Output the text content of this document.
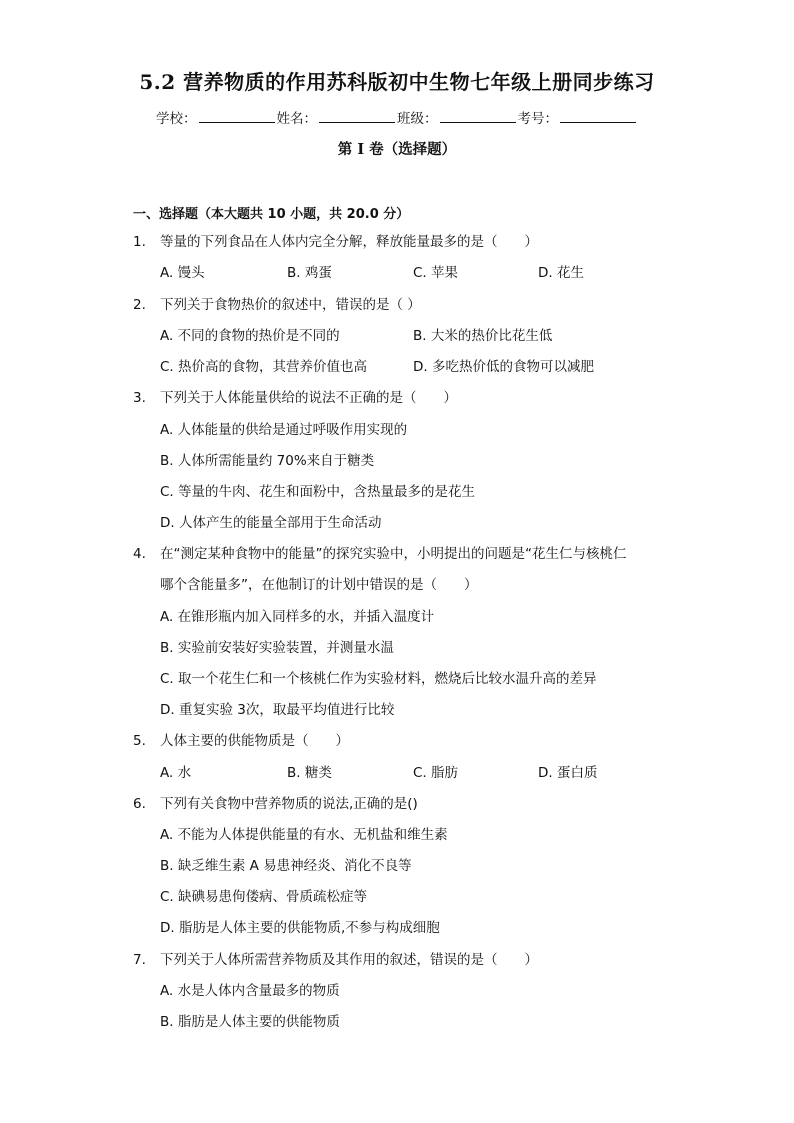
5.2 营养物质的作用苏科版初中生物七年级上册同步练习
学校：	姓名：	班级：	考号：
第 I 卷（选择题）
一、选择题（本大题共 10 小题，共 20.0 分）
1. 等量的下列食品在人体内完全分解，释放能量最多的是（　　）
A. 馒头	B. 鸡蛋	C. 苹果	D. 花生
2. 下列关于食物热价的叙述中，错误的是（ ）
A. 不同的食物的热价是不同的	B. 大米的热价比花生低
C. 热价高的食物，其营养价值也高	D. 多吃热价低的食物可以减肥
3. 下列关于人体能量供给的说法不正确的是（　　）
A. 人体能量的供给是通过呼吸作用实现的
B. 人体所需能量约 70%来自于糖类
C. 等量的牛肉、花生和面粉中，含热量最多的是花生
D. 人体产生的能量全部用于生命活动
4. 在“测定某种食物中的能量”的探究实验中，小明提出的问题是“花生仁与核桃仁
哪个含能量多”，在他制订的计划中错误的是（　　）
A. 在锥形瓶内加入同样多的水，并插入温度计
B. 实验前安装好实验装置，并测量水温
C. 取一个花生仁和一个核桃仁作为实验材料，燃烧后比较水温升高的差异
D. 重复实验 3次，取最平均值进行比较
5. 人体主要的供能物质是（　　）
A. 水	B. 糖类	C. 脂肪	D. 蛋白质
6. 下列有关食物中营养物质的说法,正确的是()
A. 不能为人体提供能量的有水、无机盐和维生素
B. 缺乏维生素 A 易患神经炎、消化不良等
C. 缺碘易患佝偻病、骨质疏松症等
D. 脂肪是人体主要的供能物质,不参与构成细胞
7. 下列关于人体所需营养物质及其作用的叙述，错误的是（　　）
A. 水是人体内含量最多的物质
B. 脂肪是人体主要的供能物质
